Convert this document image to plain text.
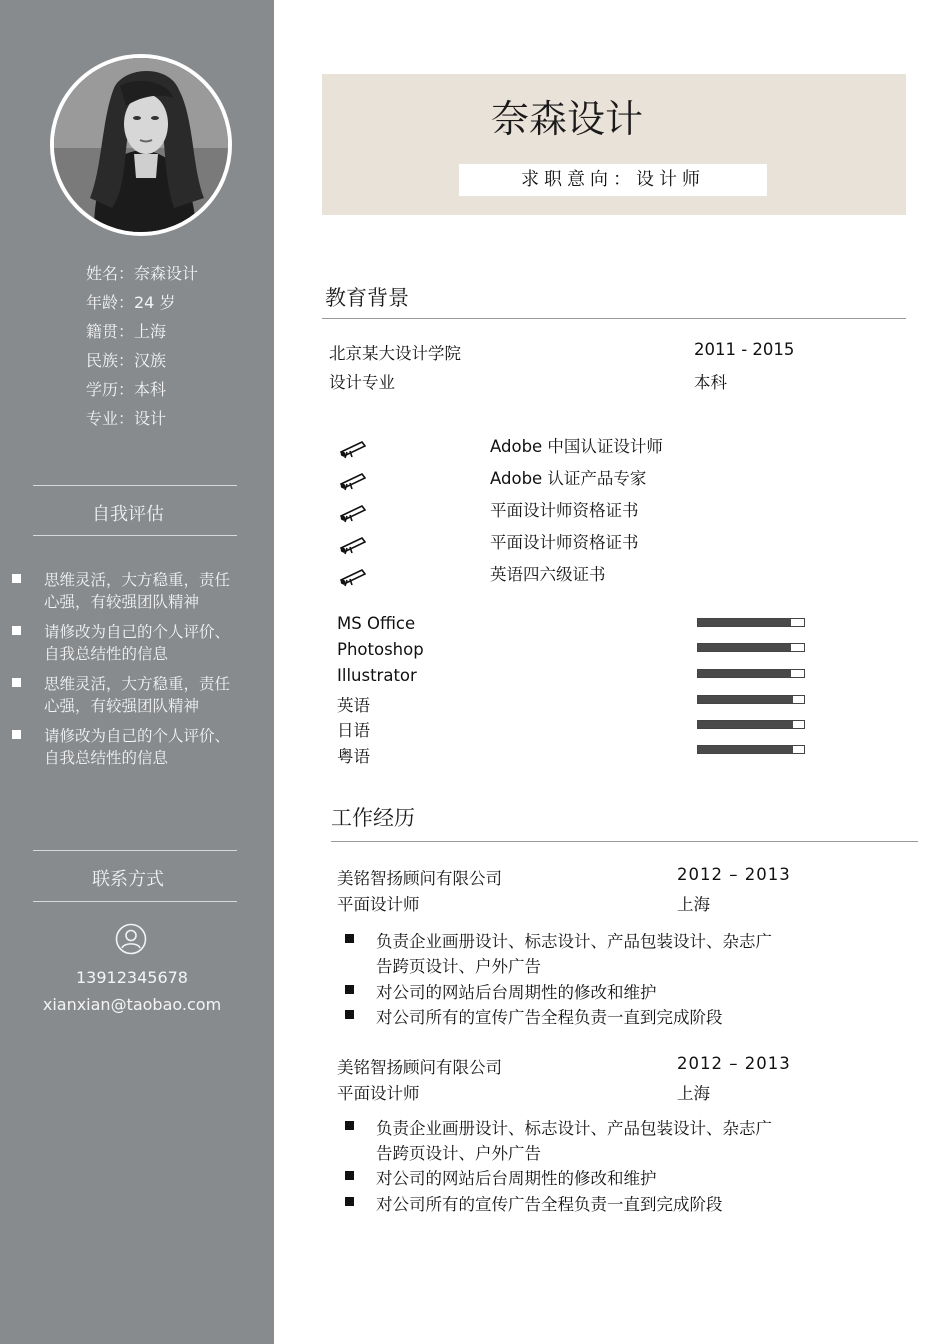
姓名：奈森设计
年龄：24 岁
籍贯：上海
民族：汉族
学历：本科
专业：设计
自我评估
思维灵活，大方稳重，责任
心强，有较强团队精神
请修改为自己的个人评价、
自我总结性的信息
思维灵活，大方稳重，责任
心强，有较强团队精神
请修改为自己的个人评价、
自我总结性的信息
联系方式
13912345678
xianxian@taobao.com
奈森设计
求职意向：设计师
教育背景
北京某大设计学院	2011 - 2015
设计专业	本科
Adobe 中国认证设计师
Adobe 认证产品专家
平面设计师资格证书
平面设计师资格证书
英语四六级证书
MS Office
Photoshop
Illustrator
英语
日语
粤语
工作经历
美铭智扬顾问有限公司	2012 – 2013
平面设计师	上海
负责企业画册设计、标志设计、产品包装设计、杂志广
告跨页设计、户外广告
对公司的网站后台周期性的修改和维护
对公司所有的宣传广告全程负责一直到完成阶段
美铭智扬顾问有限公司	2012 – 2013
平面设计师	上海
负责企业画册设计、标志设计、产品包装设计、杂志广
告跨页设计、户外广告
对公司的网站后台周期性的修改和维护
对公司所有的宣传广告全程负责一直到完成阶段
